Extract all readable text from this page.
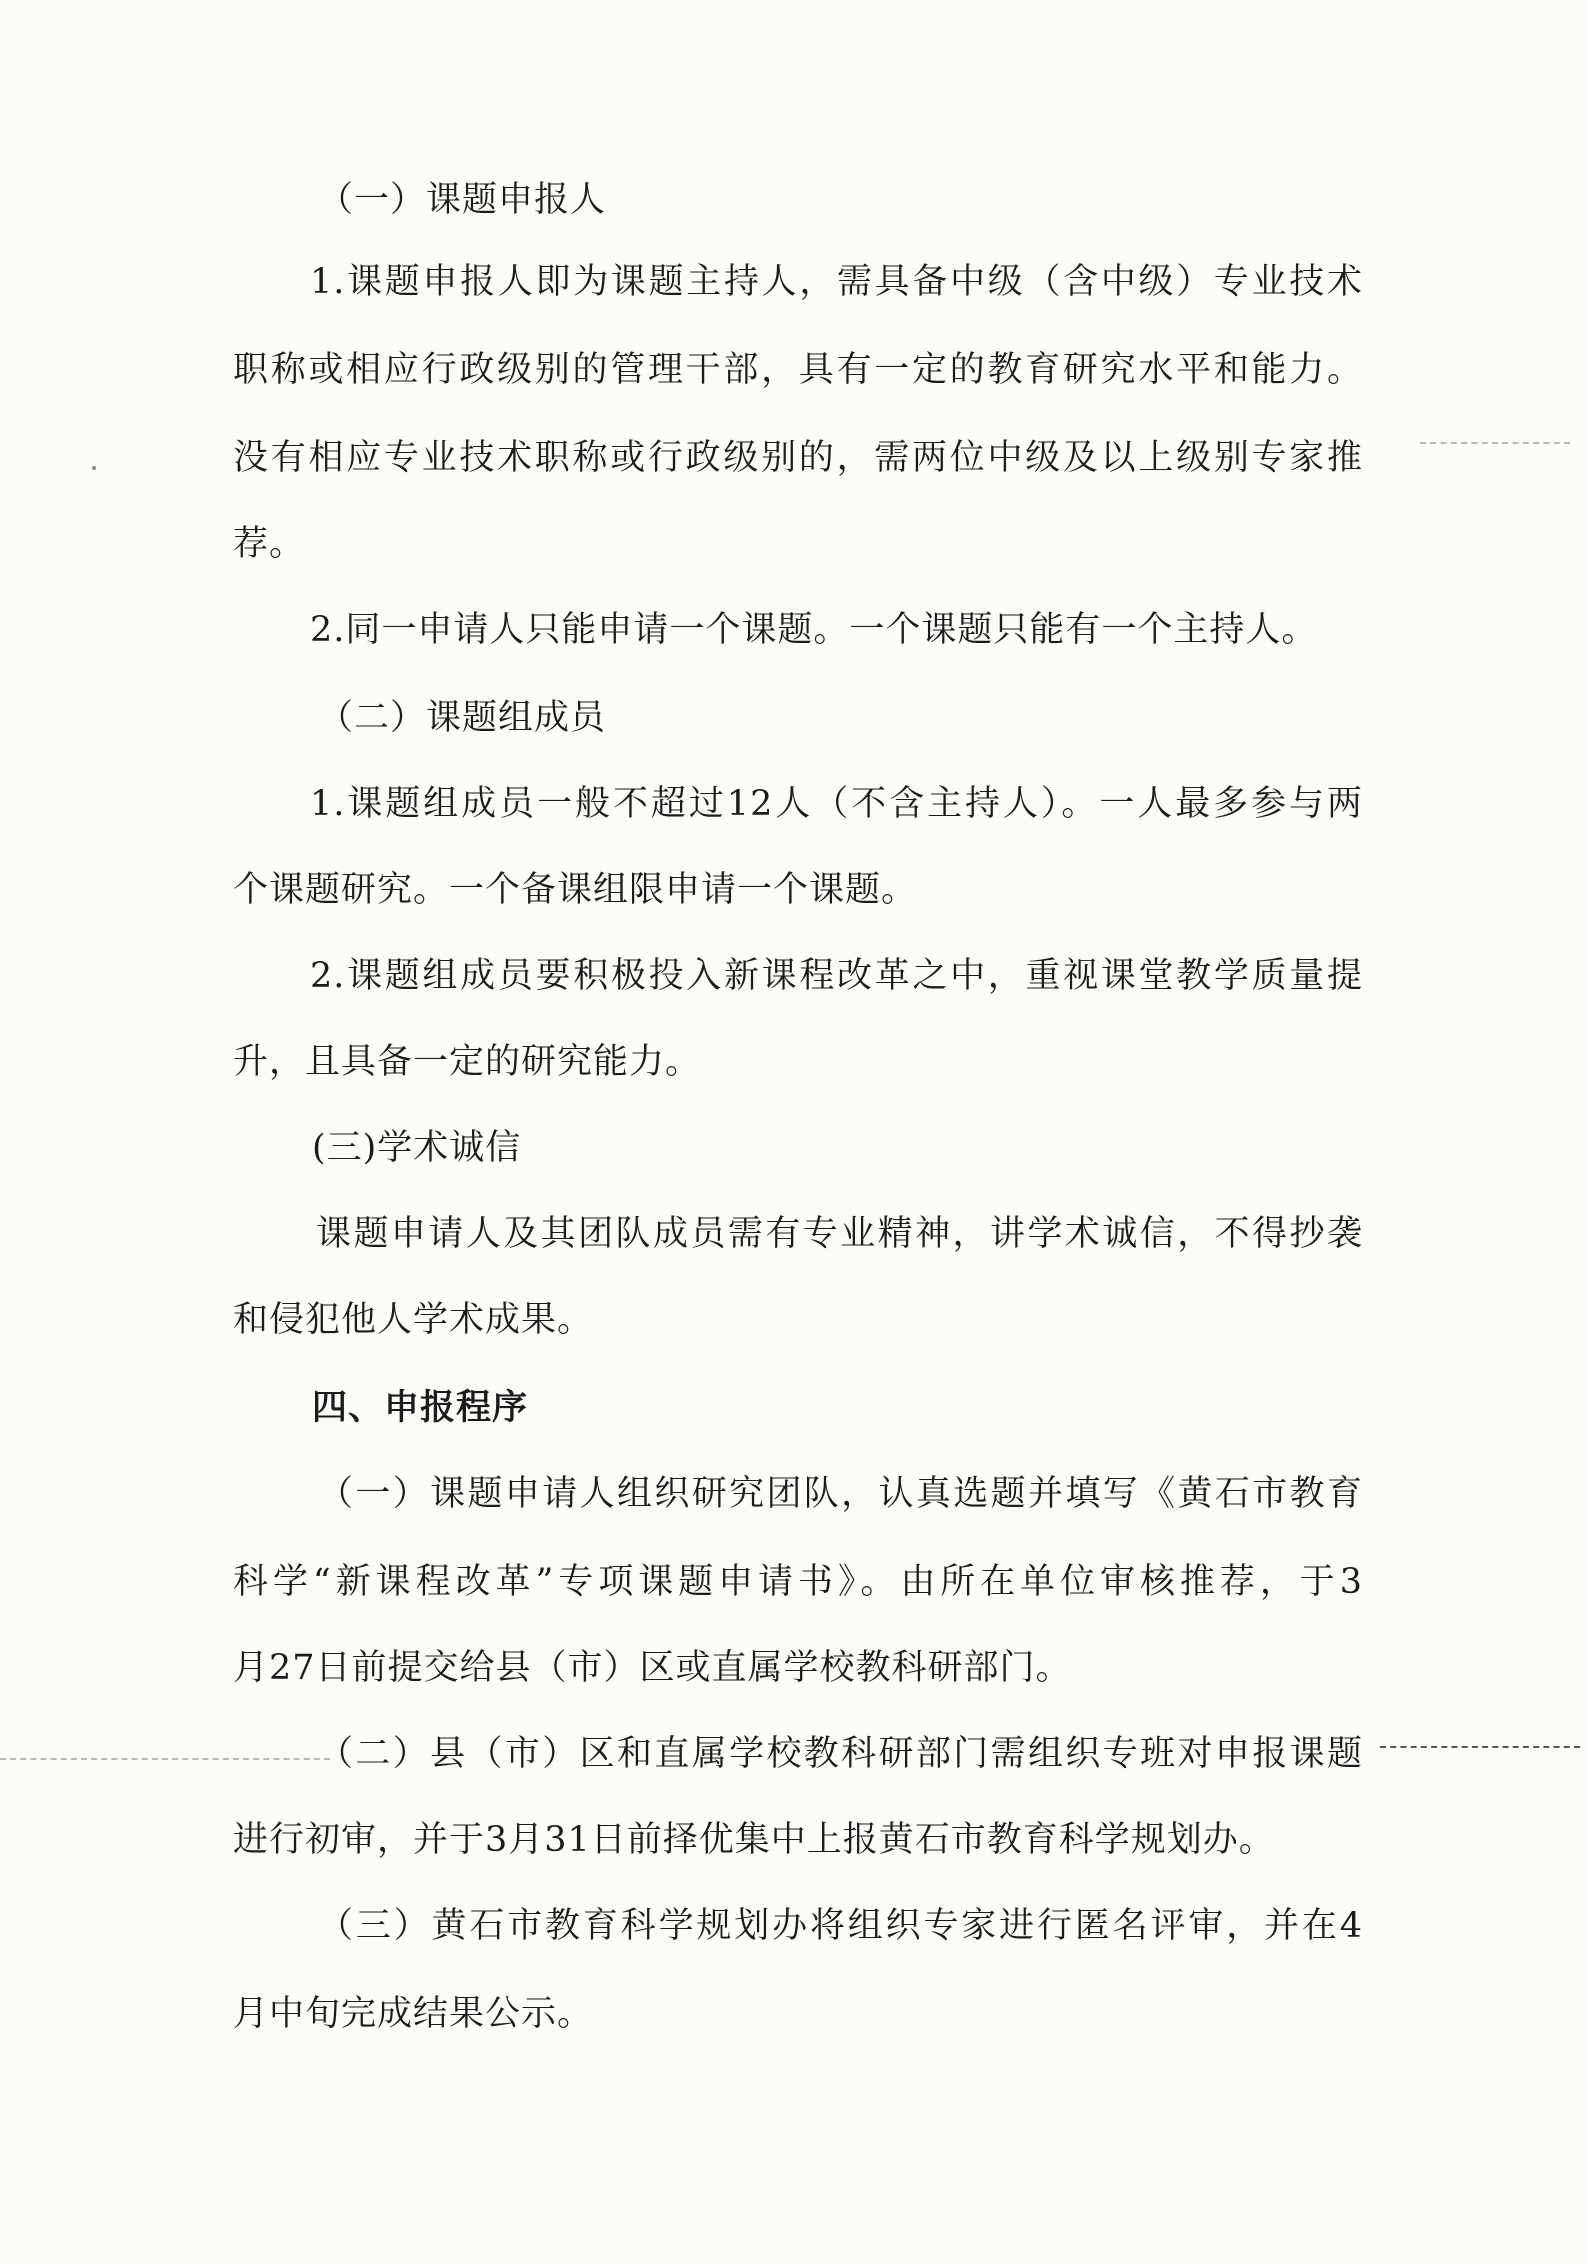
（一）课题申报人
1.课题申报人即为课题主持人，需具备中级（含中级）专业技术
职称或相应行政级别的管理干部，具有一定的教育研究水平和能力。
没有相应专业技术职称或行政级别的，需两位中级及以上级别专家推
荐。
2.同一申请人只能申请一个课题。一个课题只能有一个主持人。
（二）课题组成员
1.课题组成员一般不超过12人（不含主持人）。一人最多参与两
个课题研究。一个备课组限申请一个课题。
2.课题组成员要积极投入新课程改革之中，重视课堂教学质量提
升，且具备一定的研究能力。
(三)学术诚信
课题申请人及其团队成员需有专业精神，讲学术诚信，不得抄袭
和侵犯他人学术成果。
四、申报程序
（一）课题申请人组织研究团队，认真选题并填写《黄石市教育
科学“新课程改革”专项课题申请书》。由所在单位审核推荐，于3
月27日前提交给县（市）区或直属学校教科研部门。
（二）县（市）区和直属学校教科研部门需组织专班对申报课题
进行初审，并于3月31日前择优集中上报黄石市教育科学规划办。
（三）黄石市教育科学规划办将组织专家进行匿名评审，并在4
月中旬完成结果公示。
